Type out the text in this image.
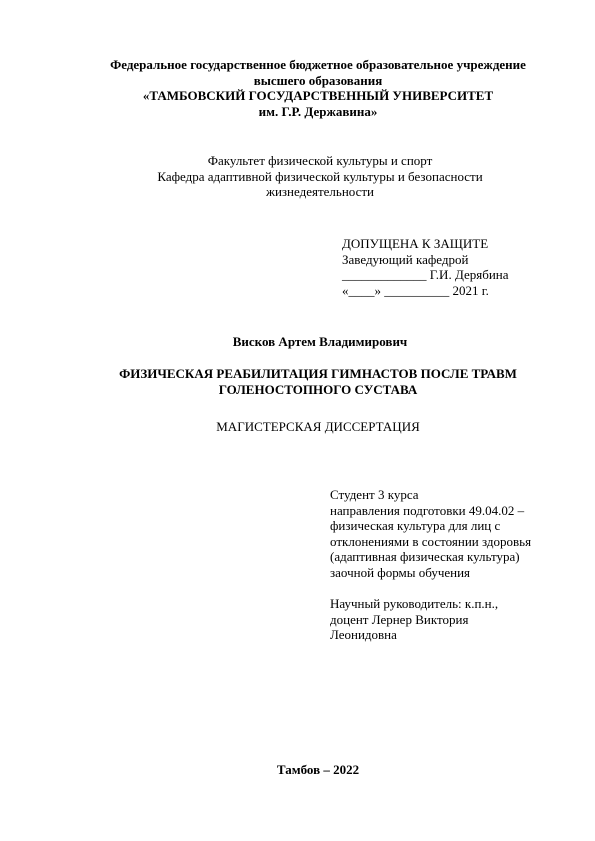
Федеральное государственное бюджетное образовательное учреждение

высшего образования

«ТАМБОВСКИЙ ГОСУДАРСТВЕННЫЙ УНИВЕРСИТЕТ

им. Г.Р. Державина»

Факультет физической культуры и спорт

Кафедра адаптивной физической культуры и безопасности

жизнедеятельности

ДОПУЩЕНА К ЗАЩИТЕ

Заведующий кафедрой

_____________ Г.И. Дерябина

«____» __________ 2021 г.

Висков Артем Владимирович

ФИЗИЧЕСКАЯ РЕАБИЛИТАЦИЯ ГИМНАСТОВ ПОСЛЕ ТРАВМ

ГОЛЕНОСТОПНОГО СУСТАВА

МАГИСТЕРСКАЯ ДИССЕРТАЦИЯ

Студент 3 курса

направления подготовки 49.04.02 –

физическая культура для лиц с

отклонениями в состоянии здоровья

(адаптивная физическая культура)

заочной формы обучения

Научный руководитель: к.п.н.,

доцент Лернер Виктория

Леонидовна

Тамбов – 2022
